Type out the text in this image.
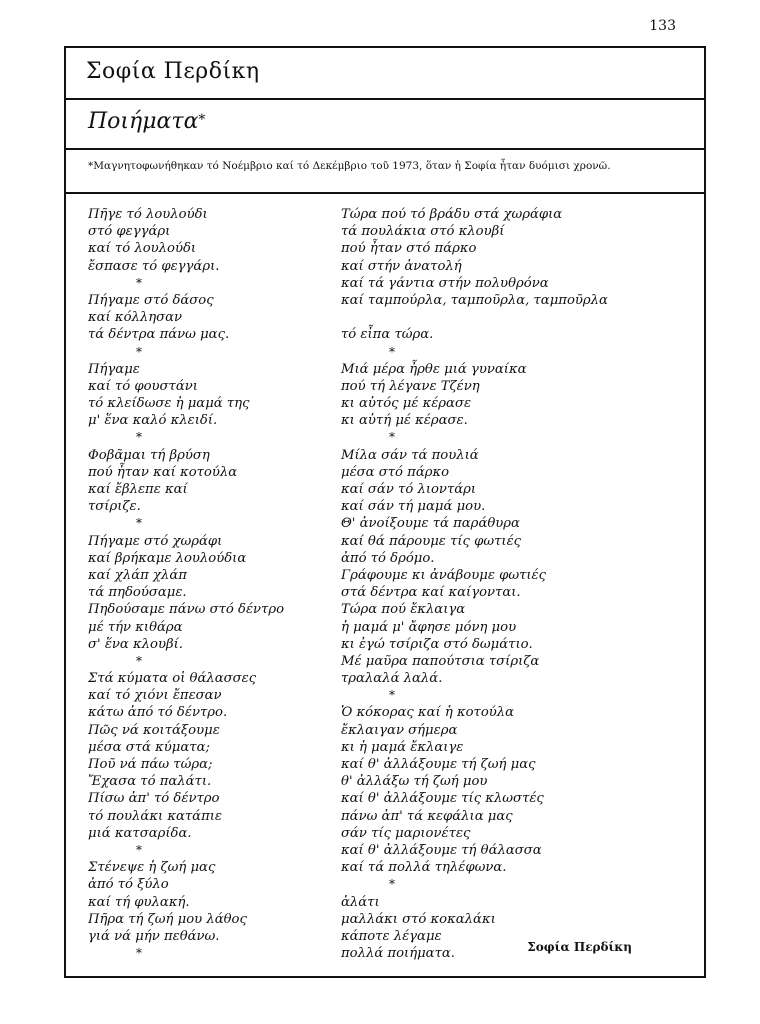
133
Σοφία Περδίκη
Ποιήματα*
*Μαγνητοφωνήθηκαν τό Νοέμβριο καί τό Δεκέμβριο τοῦ 1973, ὅταν ἡ Σοφία ἦταν δυόμισι χρονῶ.
Πῆγε τό λουλούδι
στό φεγγάρι
καί τό λουλούδι
ἔσπασε τό φεγγάρι.
*
Πήγαμε στό δάσος
καί κόλλησαν
τά δέντρα πάνω μας.
*
Πήγαμε
καί τό φουστάνι
τό κλείδωσε ἡ μαμά της
μ' ἕνα καλό κλειδί.
*
Φοβᾶμαι τή βρύση
πού ἦταν καί κοτούλα
καί ἔβλεπε καί
τσίριζε.
*
Πήγαμε στό χωράφι
καί βρήκαμε λουλούδια
καί χλάπ χλάπ
τά πηδούσαμε.
Πηδούσαμε πάνω στό δέντρο
μέ τήν κιθάρα
σ' ἕνα κλουβί.
*
Στά κύματα οἱ θάλασσες
καί τό χιόνι ἔπεσαν
κάτω ἀπό τό δέντρο.
Πῶς νά κοιτάξουμε
μέσα στά κύματα;
Ποῦ νά πάω τώρα;
Ἔχασα τό παλάτι.
Πίσω ἀπ' τό δέντρο
τό πουλάκι κατάπιε
μιά κατσαρίδα.
*
Στένεψε ἡ ζωή μας
ἀπό τό ξύλο
καί τή φυλακή.
Πῆρα τή ζωή μου λάθος
γιά νά μήν πεθάνω.
*
Τώρα πού τό βράδυ στά χωράφια
τά πουλάκια στό κλουβί
πού ἦταν στό πάρκο
καί στήν ἀνατολή
καί τά γάντια στήν πολυθρόνα
καί ταμπούρλα, ταμποῦρλα, ταμποῦρλα
τό εἶπα τώρα.
*
Μιά μέρα ἦρθε μιά γυναίκα
πού τή λέγανε Τζένη
κι αὐτός μέ κέρασε
κι αὐτή μέ κέρασε.
*
Μίλα σάν τά πουλιά
μέσα στό πάρκο
καί σάν τό λιοντάρι
καί σάν τή μαμά μου.
Θ' ἀνοίξουμε τά παράθυρα
καί θά πάρουμε τίς φωτιές
ἀπό τό δρόμο.
Γράφουμε κι ἀνάβουμε φωτιές
στά δέντρα καί καίγονται.
Τώρα πού ἔκλαιγα
ἡ μαμά μ' ἄφησε μόνη μου
κι ἐγώ τσίριζα στό δωμάτιο.
Μέ μαῦρα παπούτσια τσίριζα
τραλαλά λαλά.
*
Ὁ κόκορας καί ἡ κοτούλα
ἔκλαιγαν σήμερα
κι ἡ μαμά ἔκλαιγε
καί θ' ἀλλάξουμε τή ζωή μας
θ' ἀλλάξω τή ζωή μου
καί θ' ἀλλάξουμε τίς κλωστές
πάνω ἀπ' τά κεφάλια μας
σάν τίς μαριονέτες
καί θ' ἀλλάξουμε τή θάλασσα
καί τά πολλά τηλέφωνα.
*
ἁλάτι
μαλλάκι στό κοκαλάκι
κάποτε λέγαμε
πολλά ποιήματα.	Σοφία Περδίκη
